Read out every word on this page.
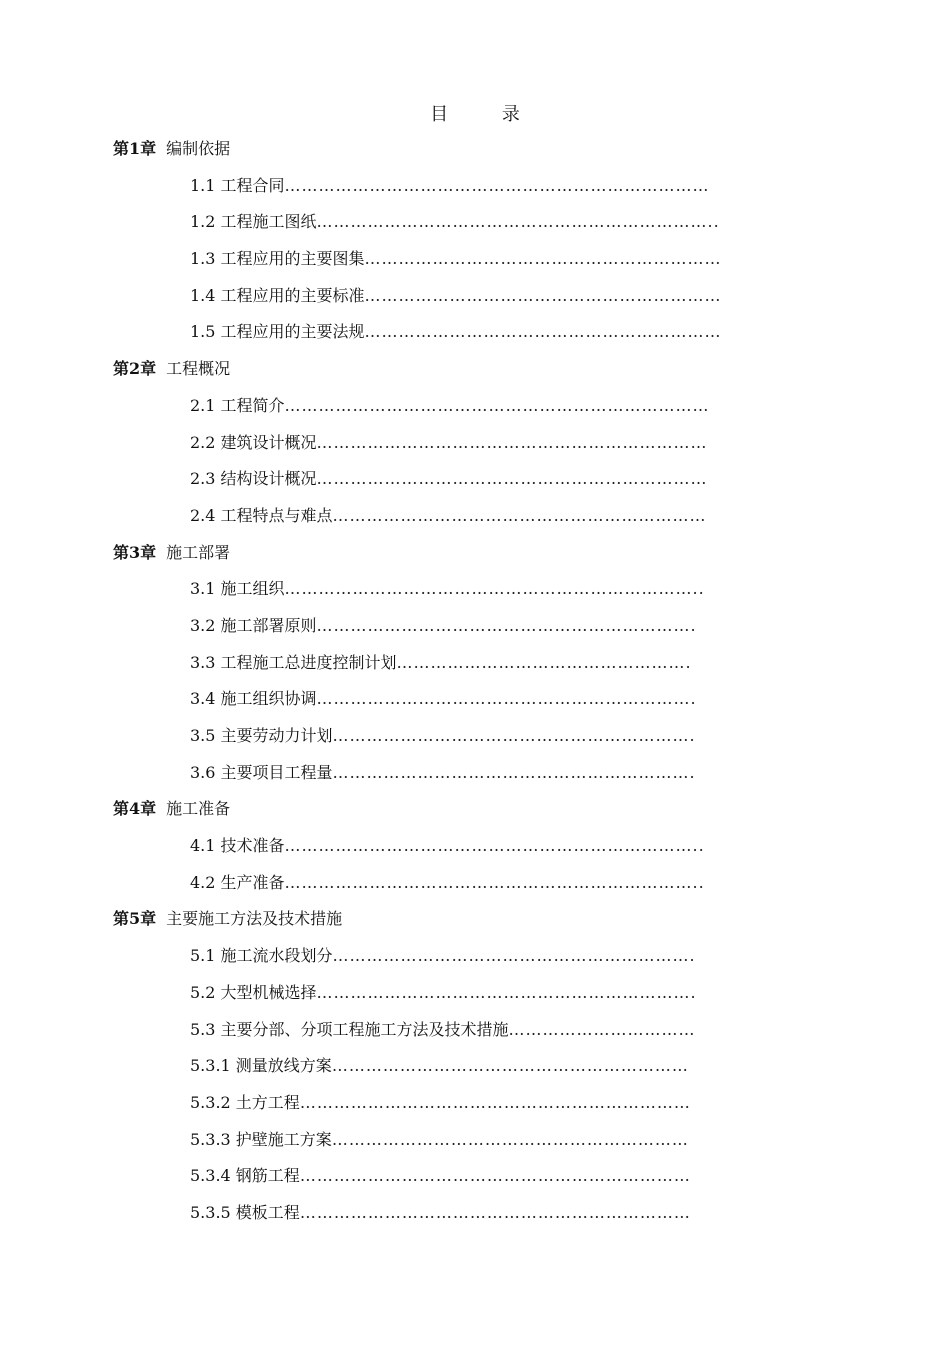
目	录
第1章 编制依据
1.1 工程合同…………………………………………………………………
1.2 工程施工图纸……………………………………………………………..
1.3 工程应用的主要图集………………………………………………………
1.4 工程应用的主要标准………………………………………………………
1.5 工程应用的主要法规………………………………………………………
第2章 工程概况
2.1 工程简介…………………………………………………………………
2.2 建筑设计概况……………………………………………………………
2.3 结构设计概况……………………………………………………………
2.4 工程特点与难点…………………………………………………………
第3章 施工部署
3.1 施工组织………………………………………………………………..
3.2 施工部署原则………………………………………………………….
3.3 工程施工总进度控制计划…………………………………………….
3.4 施工组织协调………………………………………………………….
3.5 主要劳动力计划……………………………………………………….
3.6 主要项目工程量……………………………………………………….
第4章 施工准备
4.1 技术准备………………………………………………………………..
4.2 生产准备………………………………………………………………..
第5章 主要施工方法及技术措施
5.1 施工流水段划分……………………………………………………….
5.2 大型机械选择………………………………………………………….
5.3 主要分部、分项工程施工方法及技术措施……………………………
5.3.1 测量放线方案………………………………………………………
5.3.2 土方工程……………………………………………………………
5.3.3 护壁施工方案………………………………………………………
5.3.4 钢筋工程……………………………………………………………
5.3.5 模板工程……………………………………………………………
